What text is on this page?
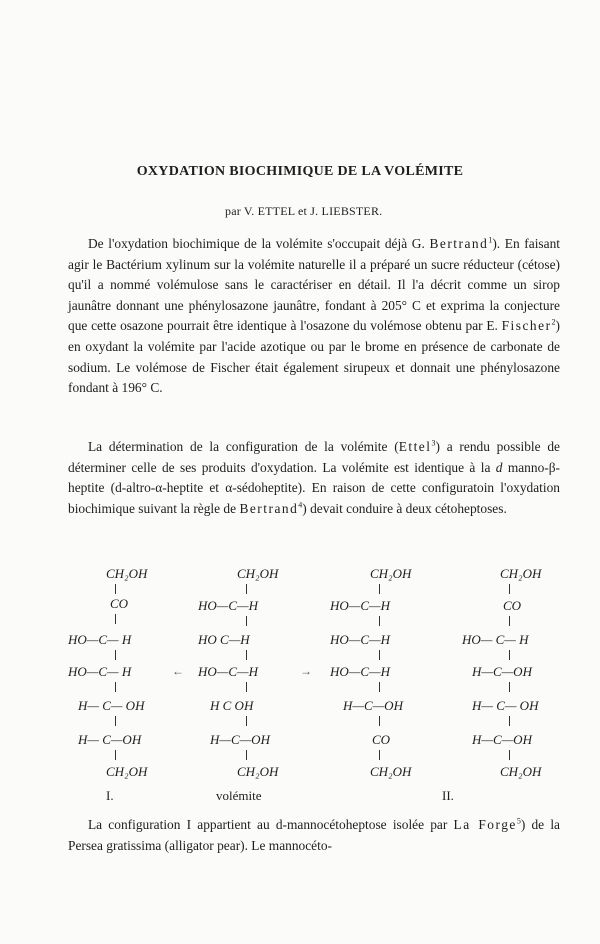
OXYDATION BIOCHIMIQUE DE LA VOLÉMITE
par V. ETTEL et J. LIEBSTER.

De l'oxydation biochimique de la volémite s'occupait déjà G. Bertrand$^1$). En faisant agir le Bactérium xylinum sur la volémite naturelle il a préparé un sucre réducteur (cétose) qu'il a nommé volémulose sans le caractériser en détail. Il l'a décrit comme un sirop jaunâtre donnant une phénylosazone jaunâtre, fondant à 205° C et exprima la conjecture que cette osazone pourrait être identique à l'osazone du volémose obtenu par E. Fischer$^2$) en oxydant la volémite par l'acide azotique ou par le brome en présence de carbonate de sodium. Le volémose de Fischer était également sirupeux et donnait une phénylosazone fondant à 196° C.

La détermination de la configuration de la volémite (Ettel$^3$) a rendu possible de déterminer celle de ses produits d'oxydation. La volémite est identique à la d manno-β-heptite (d-altro-α-heptite et α-sédoheptite). En raison de cette configuratoin l'oxydation biochimique suivant la règle de Bertrand$^4$) devait conduire à deux cétoheptoses.

CH₂OH
CO
HO—C— H
HO—C— H
H— C— OH
H— C—OH
CH₂OH
CH₂OH
HO—C—H
HO C—H
HO—C—H
H C OH
H—C—OH
CH₂OH
←	→
CH₂OH
HO—C—H
HO—C—H
HO—C—H
H—C—OH
CO
CH₂OH
CH₂OH
CO
HO— C— H
H—C—OH
H— C— OH
H—C—OH
CH₂OH
I.	volémite	II.

La configuration I appartient au d-mannocétoheptose isolée par La Forge$^5$) de la Persea gratissima (alligator pear). Le mannocéto-
